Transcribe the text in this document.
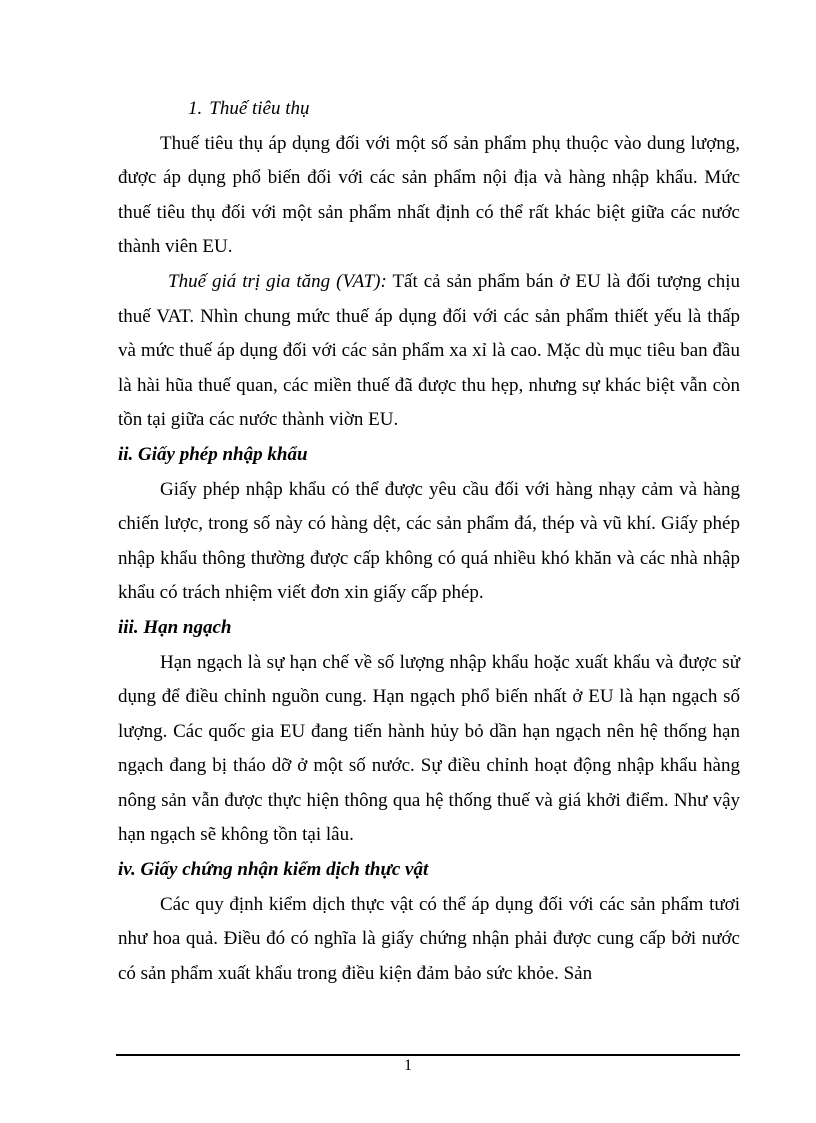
1. Thuế tiêu thụ

Thuế tiêu thụ áp dụng đối với một số sản phẩm phụ thuộc vào dung lượng, được áp dụng phổ biến đối với các sản phẩm nội địa và hàng nhập khẩu. Mức thuế tiêu thụ đối với một sản phẩm nhất định có thể rất khác biệt giữa các nước thành viên EU.

Thuế giá trị gia tăng (VAT): Tất cả sản phẩm bán ở EU là đối tượng chịu thuế VAT. Nhìn chung mức thuế áp dụng đối với các sản phẩm thiết yếu là thấp và mức thuế áp dụng đối với các sản phẩm xa xỉ là cao. Mặc dù mục tiêu ban đầu là hài hũa thuế quan, các miền thuế đã được thu hẹp, nhưng sự khác biệt vẫn còn tồn tại giữa các nước thành viờn EU.

ii. Giấy phép nhập khẩu

Giấy phép nhập khẩu có thể được yêu cầu đối với hàng nhạy cảm và hàng chiến lược, trong số này có hàng dệt, các sản phẩm đá, thép và vũ khí. Giấy phép nhập khẩu thông thường được cấp không có quá nhiều khó khăn và các nhà nhập khẩu có trách nhiệm viết đơn xin giấy cấp phép.

iii. Hạn ngạch

Hạn ngạch là sự hạn chế về số lượng nhập khẩu hoặc xuất khẩu và được sử dụng để điều chỉnh nguồn cung. Hạn ngạch phổ biến nhất ở EU là hạn ngạch số lượng. Các quốc gia EU đang tiến hành hủy bỏ dần hạn ngạch nên hệ thống hạn ngạch đang bị tháo dỡ ở một số nước. Sự điều chỉnh hoạt động nhập khẩu hàng nông sản vẫn được thực hiện thông qua hệ thống thuế và giá khởi điểm. Như vậy hạn ngạch sẽ không tồn tại lâu.

iv. Giấy chứng nhận kiểm dịch thực vật

Các quy định kiểm dịch thực vật có thể áp dụng đối với các sản phẩm tươi như hoa quả. Điều đó có nghĩa là giấy chứng nhận phải được cung cấp bởi nước có sản phẩm xuất khẩu trong điều kiện đảm bảo sức khỏe. Sản

1
